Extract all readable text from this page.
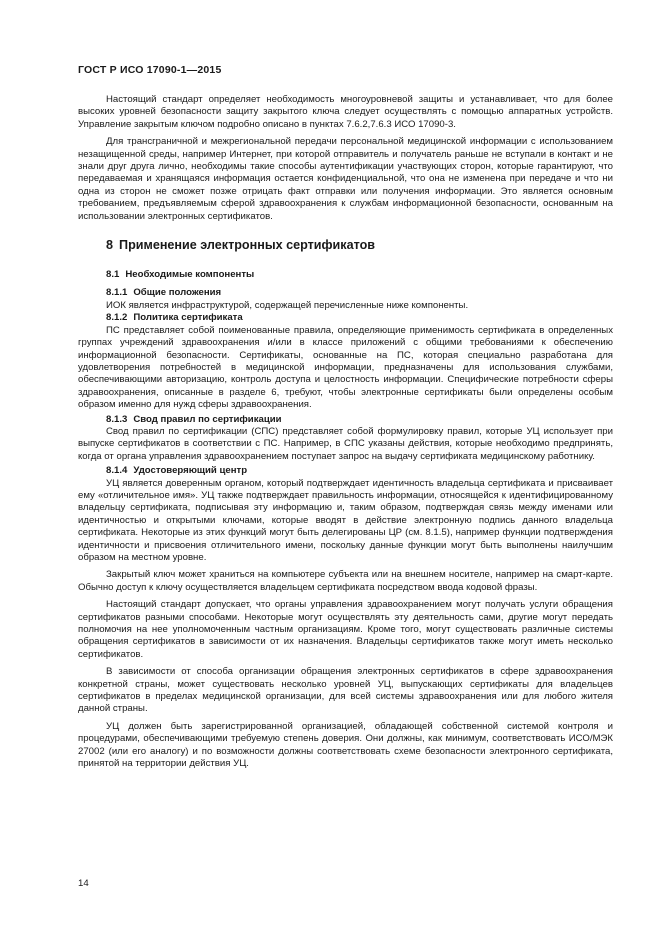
ГОСТ Р ИСО 17090-1—2015

Настоящий стандарт определяет необходимость многоуровневой защиты и устанавливает, что для более высоких уровней безопасности защиту закрытого ключа следует осуществлять с помощью аппаратных устройств. Управление закрытым ключом подробно описано в пунктах 7.6.2,7.6.3 ИСО 17090-3.

Для трансграничной и межрегиональной передачи персональной медицинской информации с использованием незащищенной среды, например Интернет, при которой отправитель и получатель раньше не вступали в контакт и не знали друг друга лично, необходимы такие способы аутентификации участвующих сторон, которые гарантируют, что передаваемая и хранящаяся информация остается конфиденциальной, что она не изменена при передаче и что ни одна из сторон не сможет позже отрицать факт отправки или получения информации. Это является основным требованием, предъявляемым сферой здравоохранения к службам информационной безопасности, основанным на использовании электронных сертификатов.

8 Применение электронных сертификатов
8.1 Необходимые компоненты
8.1.1 Общие положения

ИОК является инфраструктурой, содержащей перечисленные ниже компоненты.

8.1.2 Политика сертификата

ПС представляет собой поименованные правила, определяющие применимость сертификата в определенных группах учреждений здравоохранения и/или в классе приложений с общими требованиями к обеспечению информационной безопасности. Сертификаты, основанные на ПС, которая специально разработана для удовлетворения потребностей в медицинской информации, предназначены для использования службами, обеспечивающими авторизацию, контроль доступа и целостность информации. Специфические потребности сферы здравоохранения, описанные в разделе 6, требуют, чтобы электронные сертификаты были определены особым образом именно для нужд сферы здравоохранения.

8.1.3 Свод правил по сертификации

Свод правил по сертификации (СПС) представляет собой формулировку правил, которые УЦ использует при выпуске сертификатов в соответствии с ПС. Например, в СПС указаны действия, которые необходимо предпринять, когда от органа управления здравоохранением поступает запрос на выдачу сертификата медицинскому работнику.

8.1.4 Удостоверяющий центр

УЦ является доверенным органом, который подтверждает идентичность владельца сертификата и присваивает ему «отличительное имя». УЦ также подтверждает правильность информации, относящейся к идентифицированному владельцу сертификата, подписывая эту информацию и, таким образом, подтверждая связь между именами или идентичностью и открытыми ключами, которые вводят в действие электронную подпись данного владельца сертификата. Некоторые из этих функций могут быть делегированы ЦР (см. 8.1.5), например функции подтверждения идентичности и присвоения отличительного имени, поскольку данные функции могут быть выполнены наилучшим образом на местном уровне.

Закрытый ключ может храниться на компьютере субъекта или на внешнем носителе, например на смарт-карте. Обычно доступ к ключу осуществляется владельцем сертификата посредством ввода кодовой фразы.

Настоящий стандарт допускает, что органы управления здравоохранением могут получать услуги обращения сертификатов разными способами. Некоторые могут осуществлять эту деятельность сами, другие могут передать полномочия на нее уполномоченным частным организациям. Кроме того, могут существовать различные системы обращения сертификатов в зависимости от их назначения. Владельцы сертификатов также могут иметь несколько сертификатов.

В зависимости от способа организации обращения электронных сертификатов в сфере здравоохранения конкретной страны, может существовать несколько уровней УЦ, выпускающих сертификаты для владельцев сертификатов в пределах медицинской организации, для всей системы здравоохранения или для любого жителя данной страны.

УЦ должен быть зарегистрированной организацией, обладающей собственной системой контроля и процедурами, обеспечивающими требуемую степень доверия. Они должны, как минимум, соответствовать ИСО/МЭК 27002 (или его аналогу) и по возможности должны соответствовать схеме безопасности электронного сертификата, принятой на территории действия УЦ.

14
